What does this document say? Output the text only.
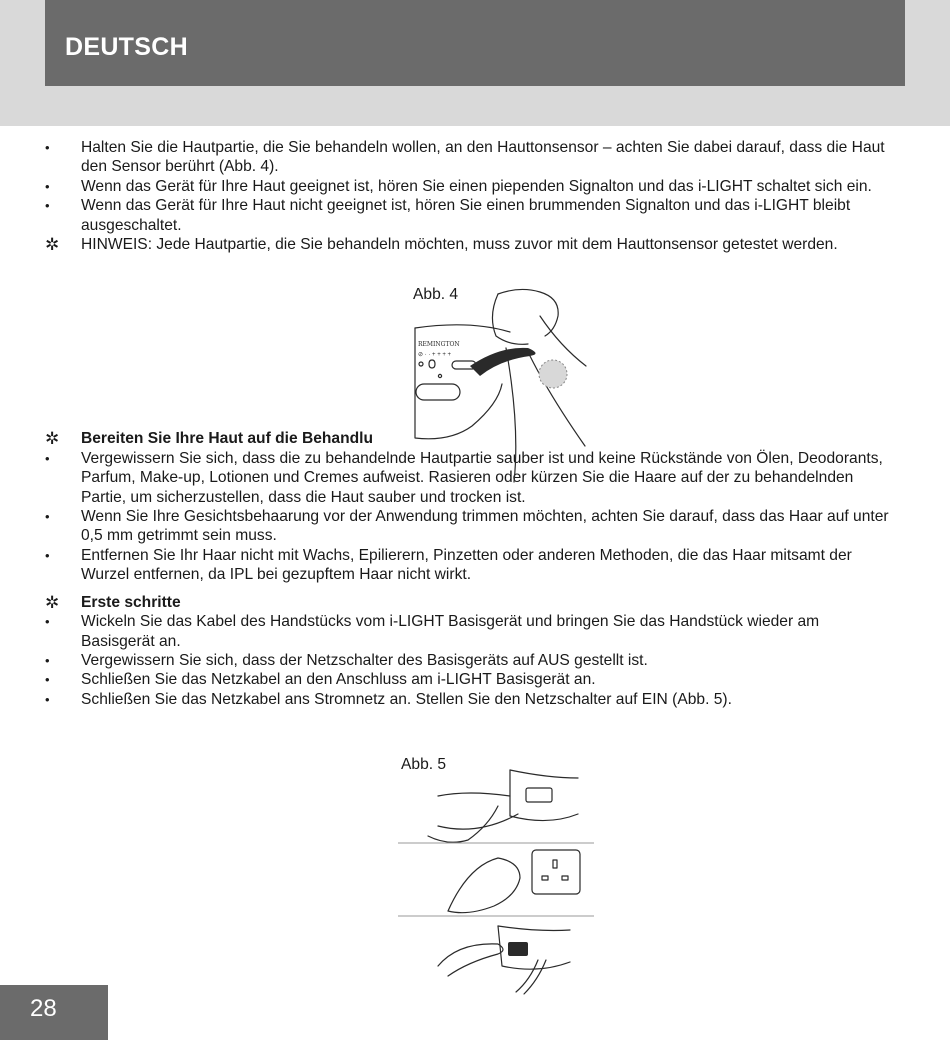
DEUTSCH
•	Halten Sie die Hautpartie, die Sie behandeln wollen, an den Hauttonsensor – achten Sie dabei darauf, dass die Haut den Sensor berührt (Abb. 4).
•	Wenn das Gerät für Ihre Haut geeignet ist, hören Sie einen piependen Signalton und das i-LIGHT schaltet sich ein.
•	Wenn das Gerät für Ihre Haut nicht geeignet ist, hören Sie einen brummenden Signalton und das i-LIGHT bleibt ausgeschaltet.
✲	HINWEIS: Jede Hautpartie, die Sie behandeln möchten, muss zuvor mit dem Hauttonsensor getestet werden.
✲	Bereiten Sie Ihre Haut auf die Behandlu
•	Vergewissern Sie sich, dass die zu behandelnde Hautpartie sauber ist und keine Rückstände von Ölen, Deodorants, Parfum, Make-up, Lotionen und Cremes aufweist. Rasieren oder kürzen Sie die Haare auf der zu behandelnden Partie, um sicherzustellen, dass die Haut sauber und trocken ist.
•	Wenn Sie Ihre Gesichtsbehaarung vor der Anwendung trimmen möchten, achten Sie darauf, dass das Haar auf unter 0,5 mm getrimmt sein muss.
•	Entfernen Sie Ihr Haar nicht mit Wachs, Epilierern, Pinzetten oder anderen Methoden, die das Haar mitsamt der Wurzel entfernen, da IPL bei gezupftem Haar nicht wirkt.
✲	Erste schritte
•	Wickeln Sie das Kabel des Handstücks vom i-LIGHT Basisgerät und bringen Sie das Handstück wieder am Basisgerät an.
•	Vergewissern Sie sich, dass der Netzschalter des Basisgeräts auf AUS gestellt ist.
•	Schließen Sie das Netzkabel an den Anschluss am i-LIGHT Basisgerät an.
•	Schließen Sie das Netzkabel ans Stromnetz an. Stellen Sie den Netzschalter auf EIN (Abb. 5).
Abb. 4
REMINGTON
⊘ · · + + + +
Abb. 5
28
